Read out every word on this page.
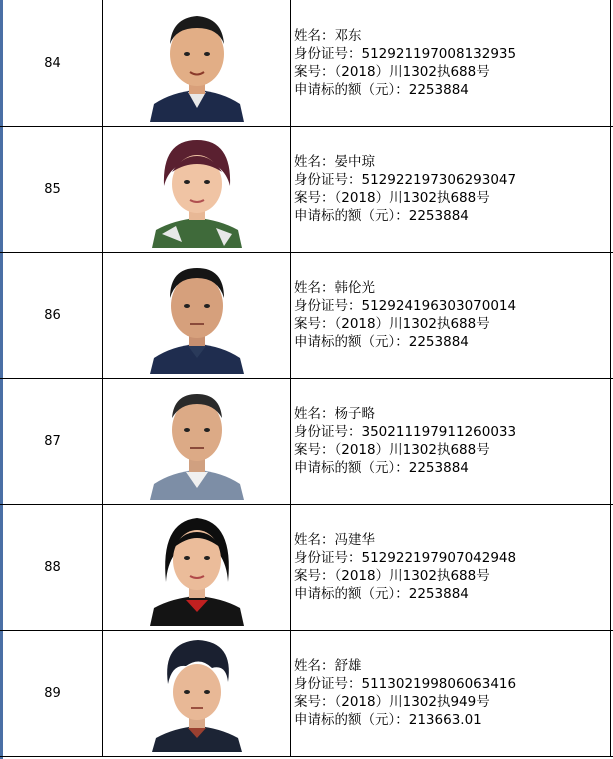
84
姓名：邓东
身份证号：512921197008132935
案号：（2018）川1302执688号
申请标的额（元）：2253884
85
姓名：晏中琼
身份证号：512922197306293047
案号：（2018）川1302执688号
申请标的额（元）：2253884
86
姓名：韩伦光
身份证号：512924196303070014
案号：（2018）川1302执688号
申请标的额（元）：2253884
87
姓名：杨子略
身份证号：350211197911260033
案号：（2018）川1302执688号
申请标的额（元）：2253884
88
姓名：冯建华
身份证号：512922197907042948
案号：（2018）川1302执688号
申请标的额（元）：2253884
89
姓名：舒雄
身份证号：511302199806063416
案号：（2018）川1302执949号
申请标的额（元）：213663.01
